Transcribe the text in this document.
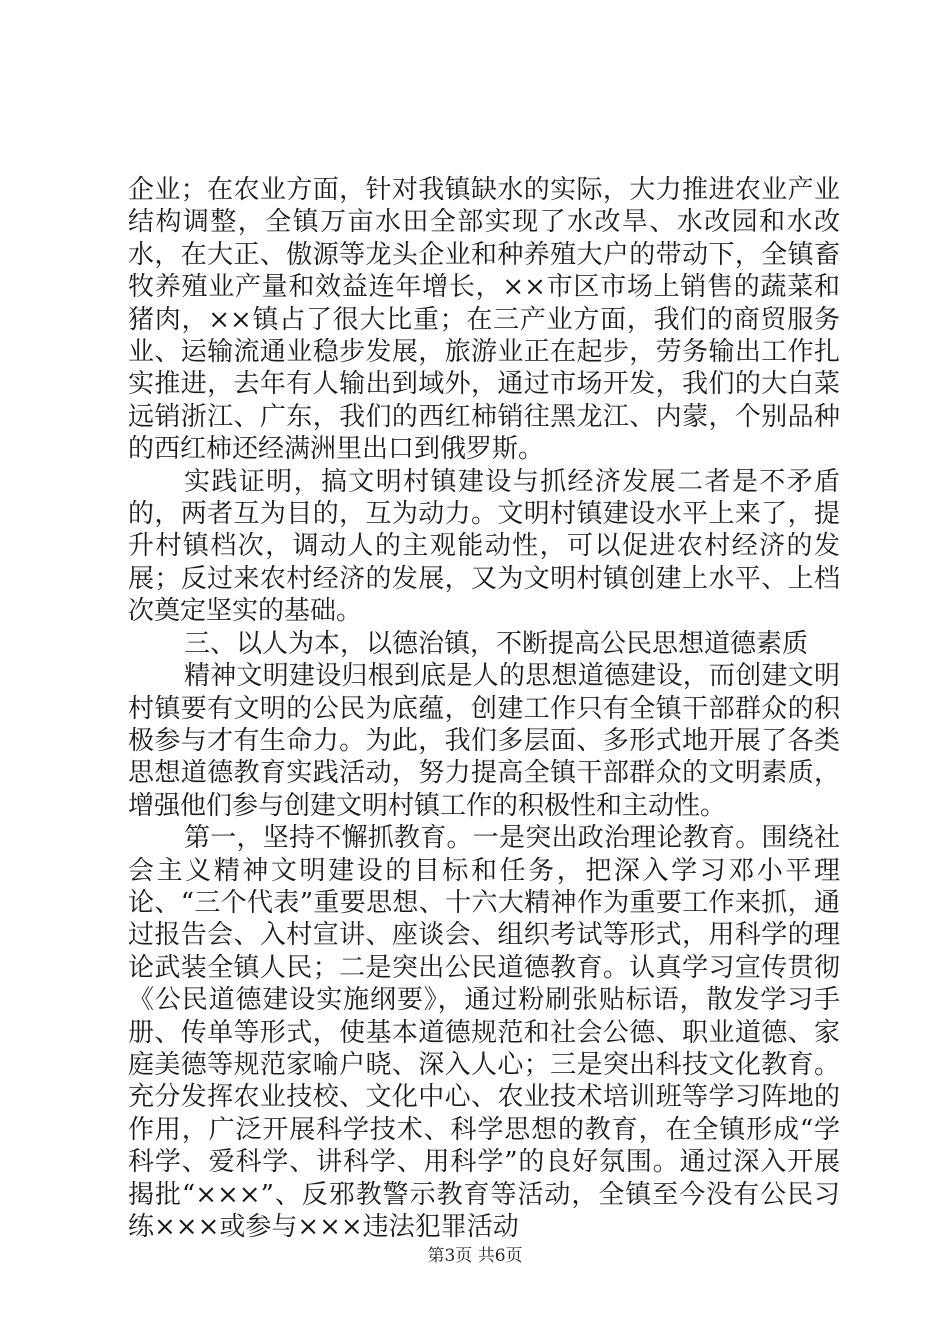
企业；在农业方面，针对我镇缺水的实际，大力推进农业产业结构调整，全镇万亩水田全部实现了水改旱、水改园和水改水，在大正、傲源等龙头企业和种养殖大户的带动下，全镇畜牧养殖业产量和效益连年增长，××市区市场上销售的蔬菜和猪肉，××镇占了很大比重；在三产业方面，我们的商贸服务业、运输流通业稳步发展，旅游业正在起步，劳务输出工作扎实推进，去年有人输出到域外，通过市场开发，我们的大白菜远销浙江、广东，我们的西红柿销往黑龙江、内蒙，个别品种的西红柿还经满洲里出口到俄罗斯。

实践证明，搞文明村镇建设与抓经济发展二者是不矛盾的，两者互为目的，互为动力。文明村镇建设水平上来了，提升村镇档次，调动人的主观能动性，可以促进农村经济的发展；反过来农村经济的发展，又为文明村镇创建上水平、上档次奠定坚实的基础。

三、以人为本，以德治镇，不断提高公民思想道德素质

精神文明建设归根到底是人的思想道德建设，而创建文明村镇要有文明的公民为底蕴，创建工作只有全镇干部群众的积极参与才有生命力。为此，我们多层面、多形式地开展了各类思想道德教育实践活动，努力提高全镇干部群众的文明素质，增强他们参与创建文明村镇工作的积极性和主动性。

第一，坚持不懈抓教育。一是突出政治理论教育。围绕社会主义精神文明建设的目标和任务，把深入学习邓小平理论、“三个代表”重要思想、十六大精神作为重要工作来抓，通过报告会、入村宣讲、座谈会、组织考试等形式，用科学的理论武装全镇人民；二是突出公民道德教育。认真学习宣传贯彻《公民道德建设实施纲要》，通过粉刷张贴标语，散发学习手册、传单等形式，使基本道德规范和社会公德、职业道德、家庭美德等规范家喻户晓、深入人心；三是突出科技文化教育。充分发挥农业技校、文化中心、农业技术培训班等学习阵地的作用，广泛开展科学技术、科学思想的教育，在全镇形成“学科学、爱科学、讲科学、用科学”的良好氛围。通过深入开展揭批“×××”、反邪教警示教育等活动，全镇至今没有公民习练×××或参与×××违法犯罪活动

第3页 共6页
